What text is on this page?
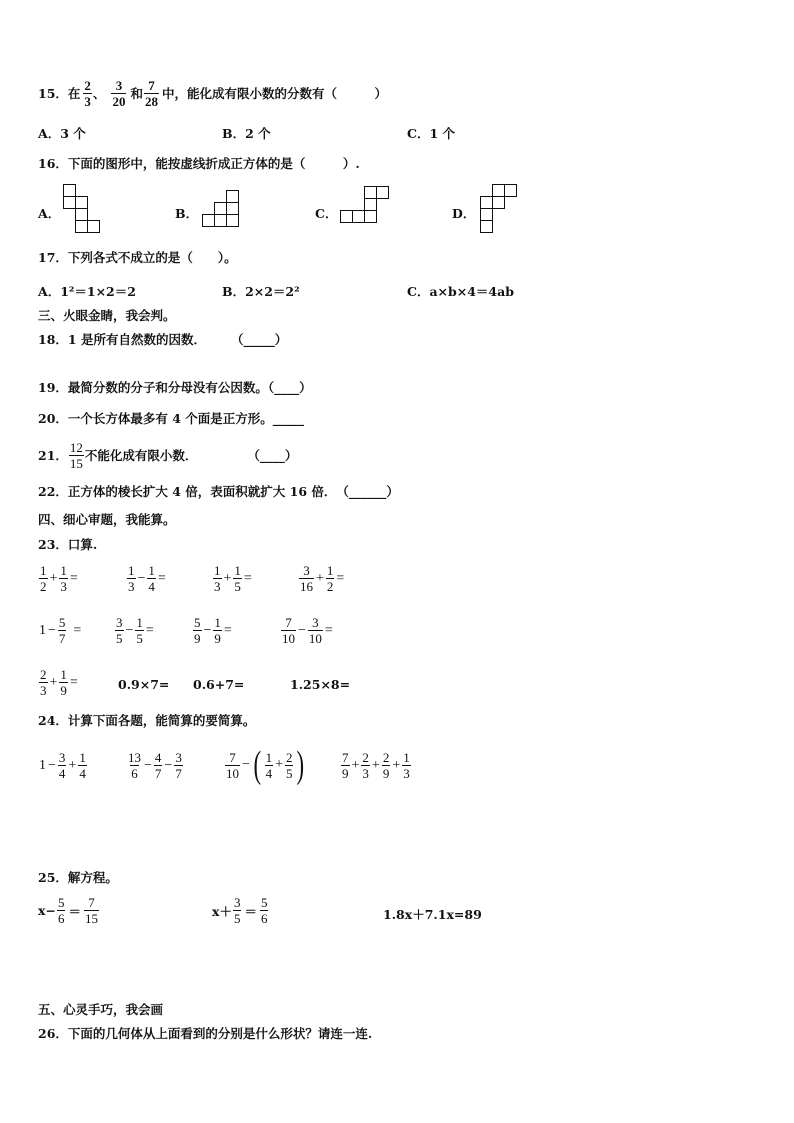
15． 在 $\frac{2}{3}$ 、 $\frac{3}{20}$ 和 $\frac{7}{28}$ 中，能化成有限小数的分数有（　　　）
A．3 个	B．2 个	C．1 个
16．下面的图形中，能按虚线折成正方体的是（　　　）.
A．	B．	C．	D．
17．下列各式不成立的是（　　）。
A．1²＝1×2＝2	B．2×2＝2²	C．a×b×4＝4ab
三、火眼金睛，我会判。
18．1 是所有自然数的因数．　　　（_____）
19．最简分数的分子和分母没有公因数。（____）
20．一个长方体最多有 4 个面是正方形。_____
21． $\frac{12}{15}$ 不能化成有限小数．　　　　　（____）
22．正方体的棱长扩大 4 倍，表面积就扩大 16 倍．　（______）
四、细心审题，我能算。
23．口算.
$\frac{1}{2} + \frac{1}{3}$ =	$\frac{1}{3} - \frac{1}{4}$ =	$\frac{1}{3} + \frac{1}{5}$ =	$\frac{3}{16} + \frac{1}{2}$ =
$1 - \frac{5}{7}$ =	$\frac{3}{5} - \frac{1}{5}$ =	$\frac{5}{9} - \frac{1}{9}$ =	$\frac{7}{10} - \frac{3}{10}$ =
$\frac{2}{3} + \frac{1}{9}$ =	0.9×7= 0.6+7=	1.25×8=
24．计算下面各题，能简算的要简算。
$1 - \frac{3}{4} + \frac{1}{4}$	$\frac{13}{6} - \frac{4}{7} - \frac{3}{7}$	$\frac{7}{10}$ − ( $\frac{1}{4} + \frac{2}{5}$ )	$\frac{7}{9} + \frac{2}{3} + \frac{2}{9} + \frac{1}{3}$
25．解方程。
$x- \frac{5}{6} = \frac{7}{15}$	$x+ \frac{3}{5} = \frac{5}{6}$	1.8x＋7.1x=89
五、心灵手巧，我会画
26．下面的几何体从上面看到的分别是什么形状？请连一连.
